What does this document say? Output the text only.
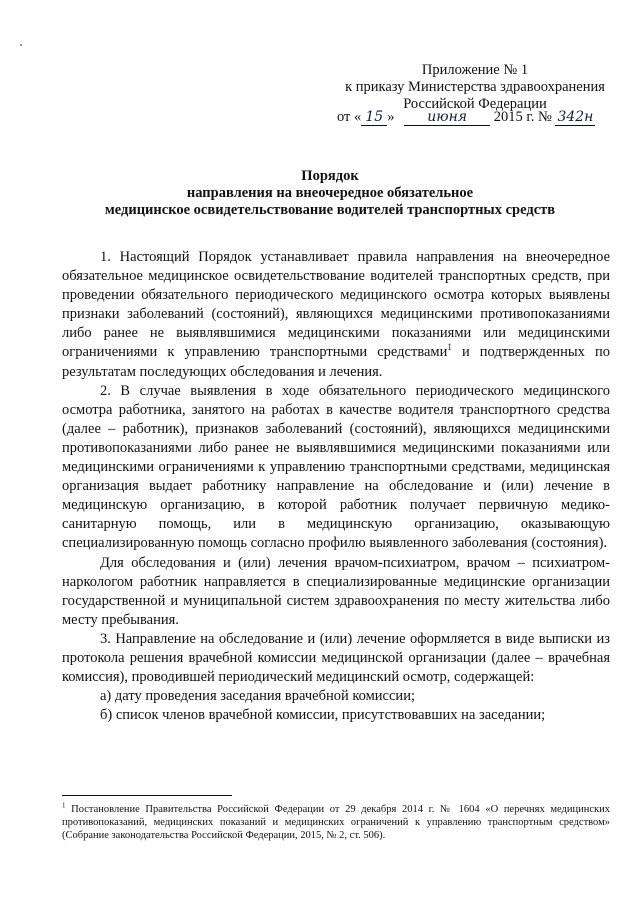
Приложение № 1
к приказу Министерства здравоохранения
Российской Федерации
от « 15 » июня 2015 г. № 342н
Порядок
направления на внеочередное обязательное
медицинское освидетельствование водителей транспортных средств

1. Настоящий Порядок устанавливает правила направления на внеочередное обязательное медицинское освидетельствование водителей транспортных средств, при проведении обязательного периодического медицинского осмотра которых выявлены признаки заболеваний (состояний), являющихся медицинскими противопоказаниями либо ранее не выявлявшимися медицинскими показаниями или медицинскими ограничениями к управлению транспортными средствами$^1$ и подтвержденных по результатам последующих обследования и лечения.

2. В случае выявления в ходе обязательного периодического медицинского осмотра работника, занятого на работах в качестве водителя транспортного средства (далее – работник), признаков заболеваний (состояний), являющихся медицинскими противопоказаниями либо ранее не выявлявшимися медицинскими показаниями или медицинскими ограничениями к управлению транспортными средствами, медицинская организация выдает работнику направление на обследование и (или) лечение в медицинскую организацию, в которой работник получает первичную медико-санитарную помощь, или в медицинскую организацию, оказывающую специализированную помощь согласно профилю выявленного заболевания (состояния).

Для обследования и (или) лечения врачом-психиатром, врачом – психиатром-наркологом работник направляется в специализированные медицинские организации государственной и муниципальной систем здравоохранения по месту жительства либо месту пребывания.

3. Направление на обследование и (или) лечение оформляется в виде выписки из протокола решения врачебной комиссии медицинской организации (далее – врачебная комиссия), проводившей периодический медицинский осмотр, содержащей:

а) дату проведения заседания врачебной комиссии;

б) список членов врачебной комиссии, присутствовавших на заседании;

$^1$ Постановление Правительства Российской Федерации от 29 декабря 2014 г. № 1604 «О перечнях медицинских противопоказаний, медицинских показаний и медицинских ограничений к управлению транспортным средством» (Собрание законодательства Российской Федерации, 2015, № 2, ст. 506).
